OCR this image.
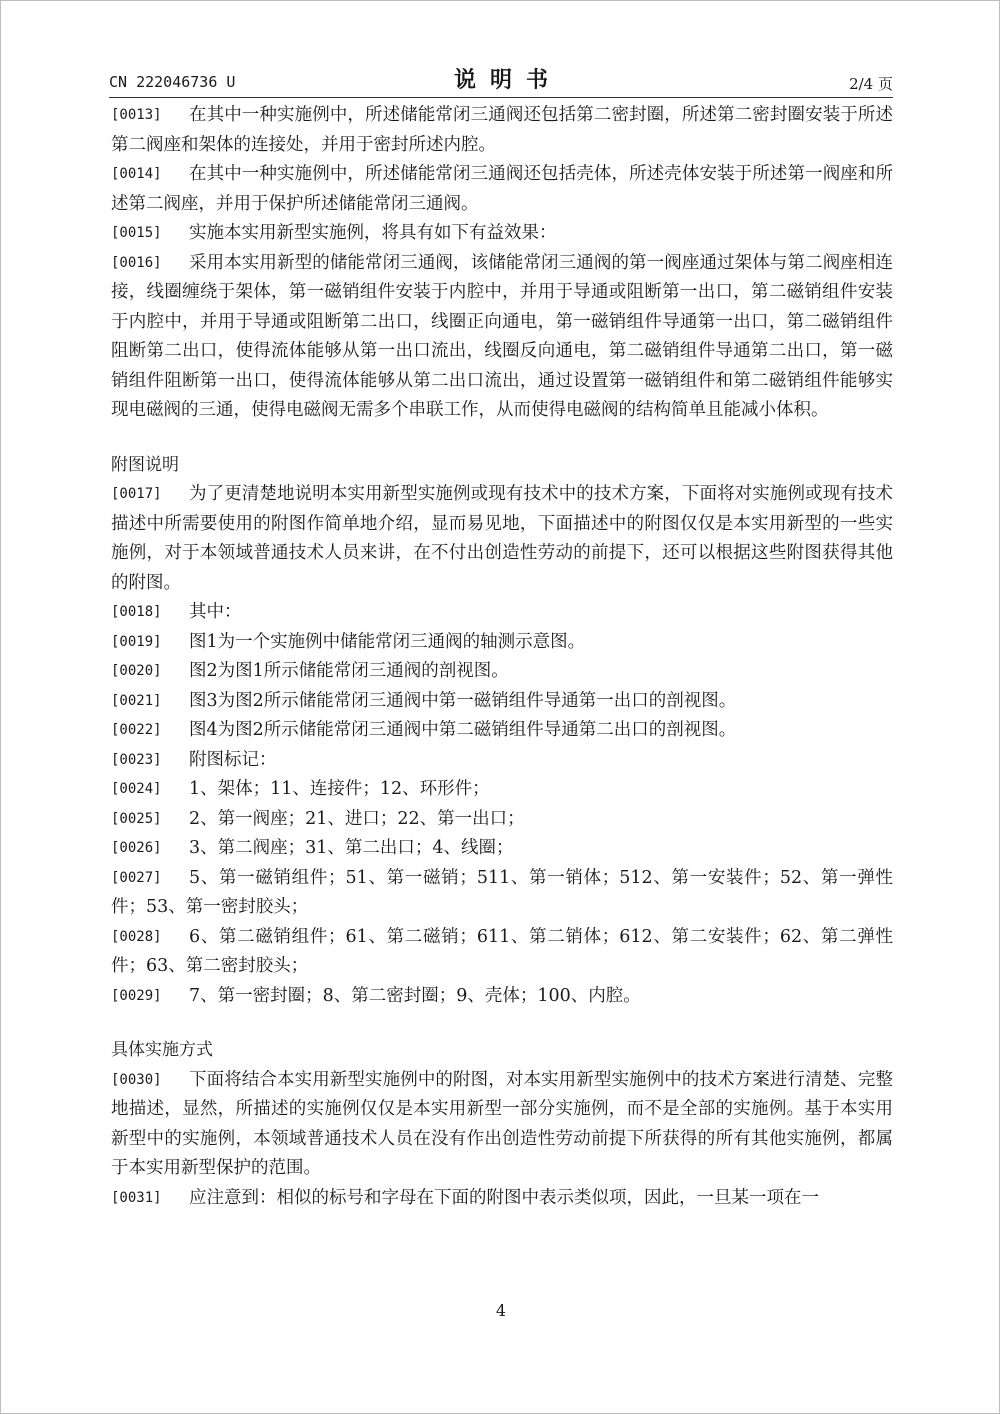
CN 222046736 U	说明书	2/4 页
[0013]	在其中一种实施例中，所述储能常闭三通阀还包括第二密封圈，所述第二密封圈安装于所述第二阀座和架体的连接处，并用于密封所述内腔。
[0014]	在其中一种实施例中，所述储能常闭三通阀还包括壳体，所述壳体安装于所述第一阀座和所述第二阀座，并用于保护所述储能常闭三通阀。
[0015]	实施本实用新型实施例，将具有如下有益效果：
[0016]	采用本实用新型的储能常闭三通阀，该储能常闭三通阀的第一阀座通过架体与第二阀座相连接，线圈缠绕于架体，第一磁销组件安装于内腔中，并用于导通或阻断第一出口，第二磁销组件安装于内腔中，并用于导通或阻断第二出口，线圈正向通电，第一磁销组件导通第一出口，第二磁销组件阻断第二出口，使得流体能够从第一出口流出，线圈反向通电，第二磁销组件导通第二出口，第一磁销组件阻断第一出口，使得流体能够从第二出口流出，通过设置第一磁销组件和第二磁销组件能够实现电磁阀的三通，使得电磁阀无需多个串联工作，从而使得电磁阀的结构简单且能减小体积。
附图说明
[0017]	为了更清楚地说明本实用新型实施例或现有技术中的技术方案，下面将对实施例或现有技术描述中所需要使用的附图作简单地介绍，显而易见地，下面描述中的附图仅仅是本实用新型的一些实施例，对于本领域普通技术人员来讲，在不付出创造性劳动的前提下，还可以根据这些附图获得其他的附图。
[0018]	其中：
[0019]	图1为一个实施例中储能常闭三通阀的轴测示意图。
[0020]	图2为图1所示储能常闭三通阀的剖视图。
[0021]	图3为图2所示储能常闭三通阀中第一磁销组件导通第一出口的剖视图。
[0022]	图4为图2所示储能常闭三通阀中第二磁销组件导通第二出口的剖视图。
[0023]	附图标记：
[0024]	1、架体；11、连接件；12、环形件；
[0025]	2、第一阀座；21、进口；22、第一出口；
[0026]	3、第二阀座；31、第二出口；4、线圈；
[0027]	5、第一磁销组件；51、第一磁销；511、第一销体；512、第一安装件；52、第一弹性件；53、第一密封胶头；
[0028]	6、第二磁销组件；61、第二磁销；611、第二销体；612、第二安装件；62、第二弹性件；63、第二密封胶头；
[0029]	7、第一密封圈；8、第二密封圈；9、壳体；100、内腔。
具体实施方式
[0030]	下面将结合本实用新型实施例中的附图，对本实用新型实施例中的技术方案进行清楚、完整地描述，显然，所描述的实施例仅仅是本实用新型一部分实施例，而不是全部的实施例。基于本实用新型中的实施例，本领域普通技术人员在没有作出创造性劳动前提下所获得的所有其他实施例，都属于本实用新型保护的范围。
[0031]	应注意到：相似的标号和字母在下面的附图中表示类似项，因此，一旦某一项在一
4
